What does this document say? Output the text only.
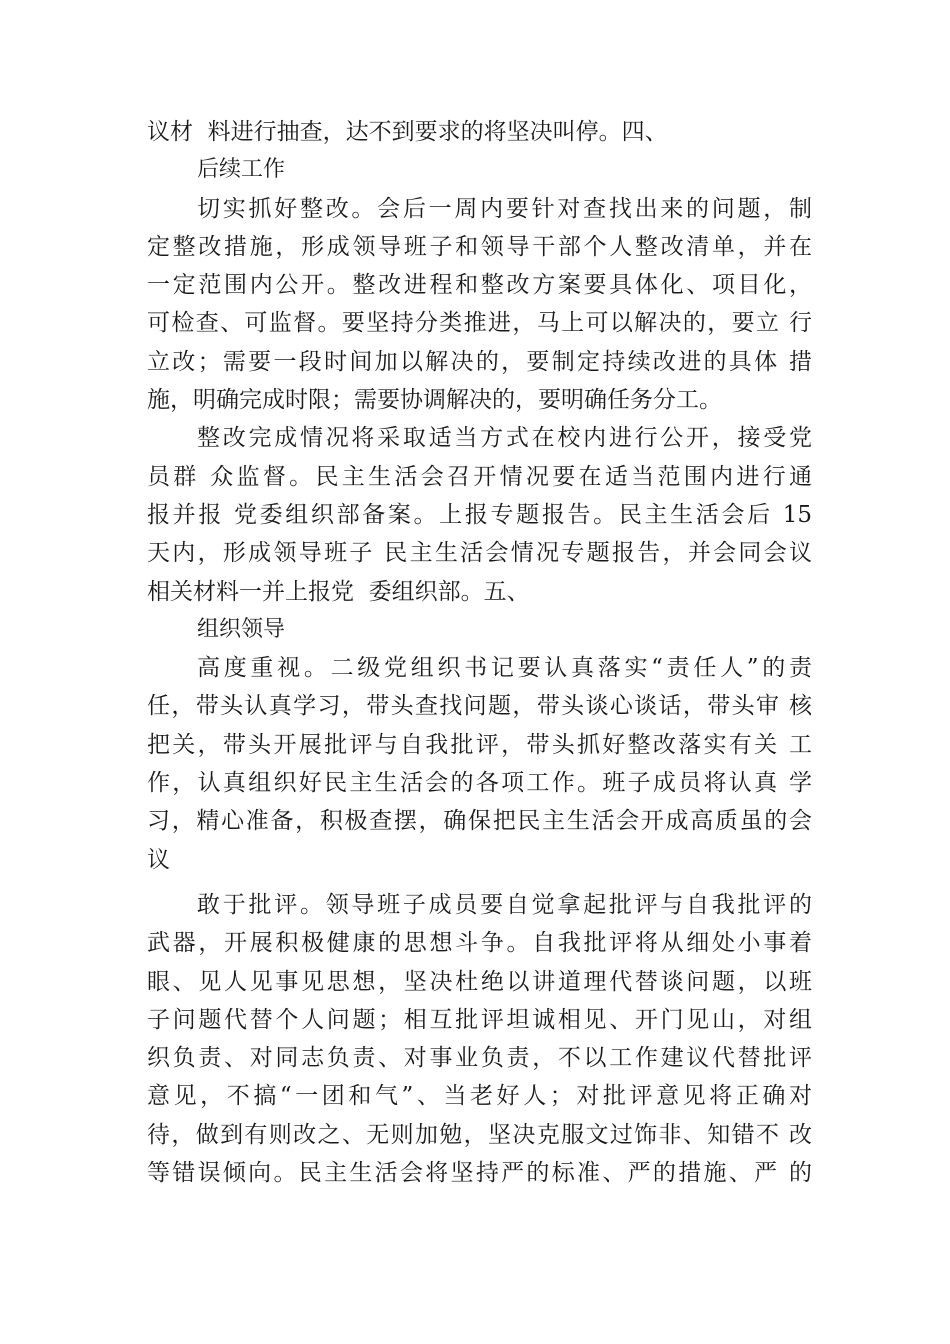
议材  料进行抽查，达不到要求的将坚决叫停。四、
后续工作
切实抓好整改。会后一周内要针对查找出来的问题，制
定整改措施，形成领导班子和领导干部个人整改清单，并在
一定范围内公开。整改进程和整改方案要具体化、项目化，
可检查、可监督。要坚持分类推进，马上可以解决的，要立 行
立改；需要一段时间加以解决的，要制定持续改进的具体 措
施，明确完成时限；需要协调解决的，要明确任务分工。
整改完成情况将采取适当方式在校内进行公开，接受党
员群 众监督。民主生活会召开情况要在适当范围内进行通
报并报 党委组织部备案。上报专题报告。民主生活会后 15
天内，形成领导班子 民主生活会情况专题报告，并会同会议
相关材料一并上报党  委组织部。五、
组织领导
高度重视。二级党组织书记要认真落实“责任人”的责
任，带头认真学习，带头查找问题，带头谈心谈话，带头审 核
把关，带头开展批评与自我批评，带头抓好整改落实有关 工
作，认真组织好民主生活会的各项工作。班子成员将认真 学
习，精心准备，积极查摆，确保把民主生活会开成高质虽的会
议
敢于批评。领导班子成员要自觉拿起批评与自我批评的
武器，开展积极健康的思想斗争。自我批评将从细处小事着
眼、见人见事见思想，坚决杜绝以讲道理代替谈问题，以班
子问题代替个人问题；相互批评坦诚相见、开门见山，对组
织负责、对同志负责、对事业负责，不以工作建议代替批评
意见，不搞“一团和气”、当老好人；对批评意见将正确对
待，做到有则改之、无则加勉，坚决克服文过饰非、知错不 改
等错误倾向。民主生活会将坚持严的标准、严的措施、严 的
